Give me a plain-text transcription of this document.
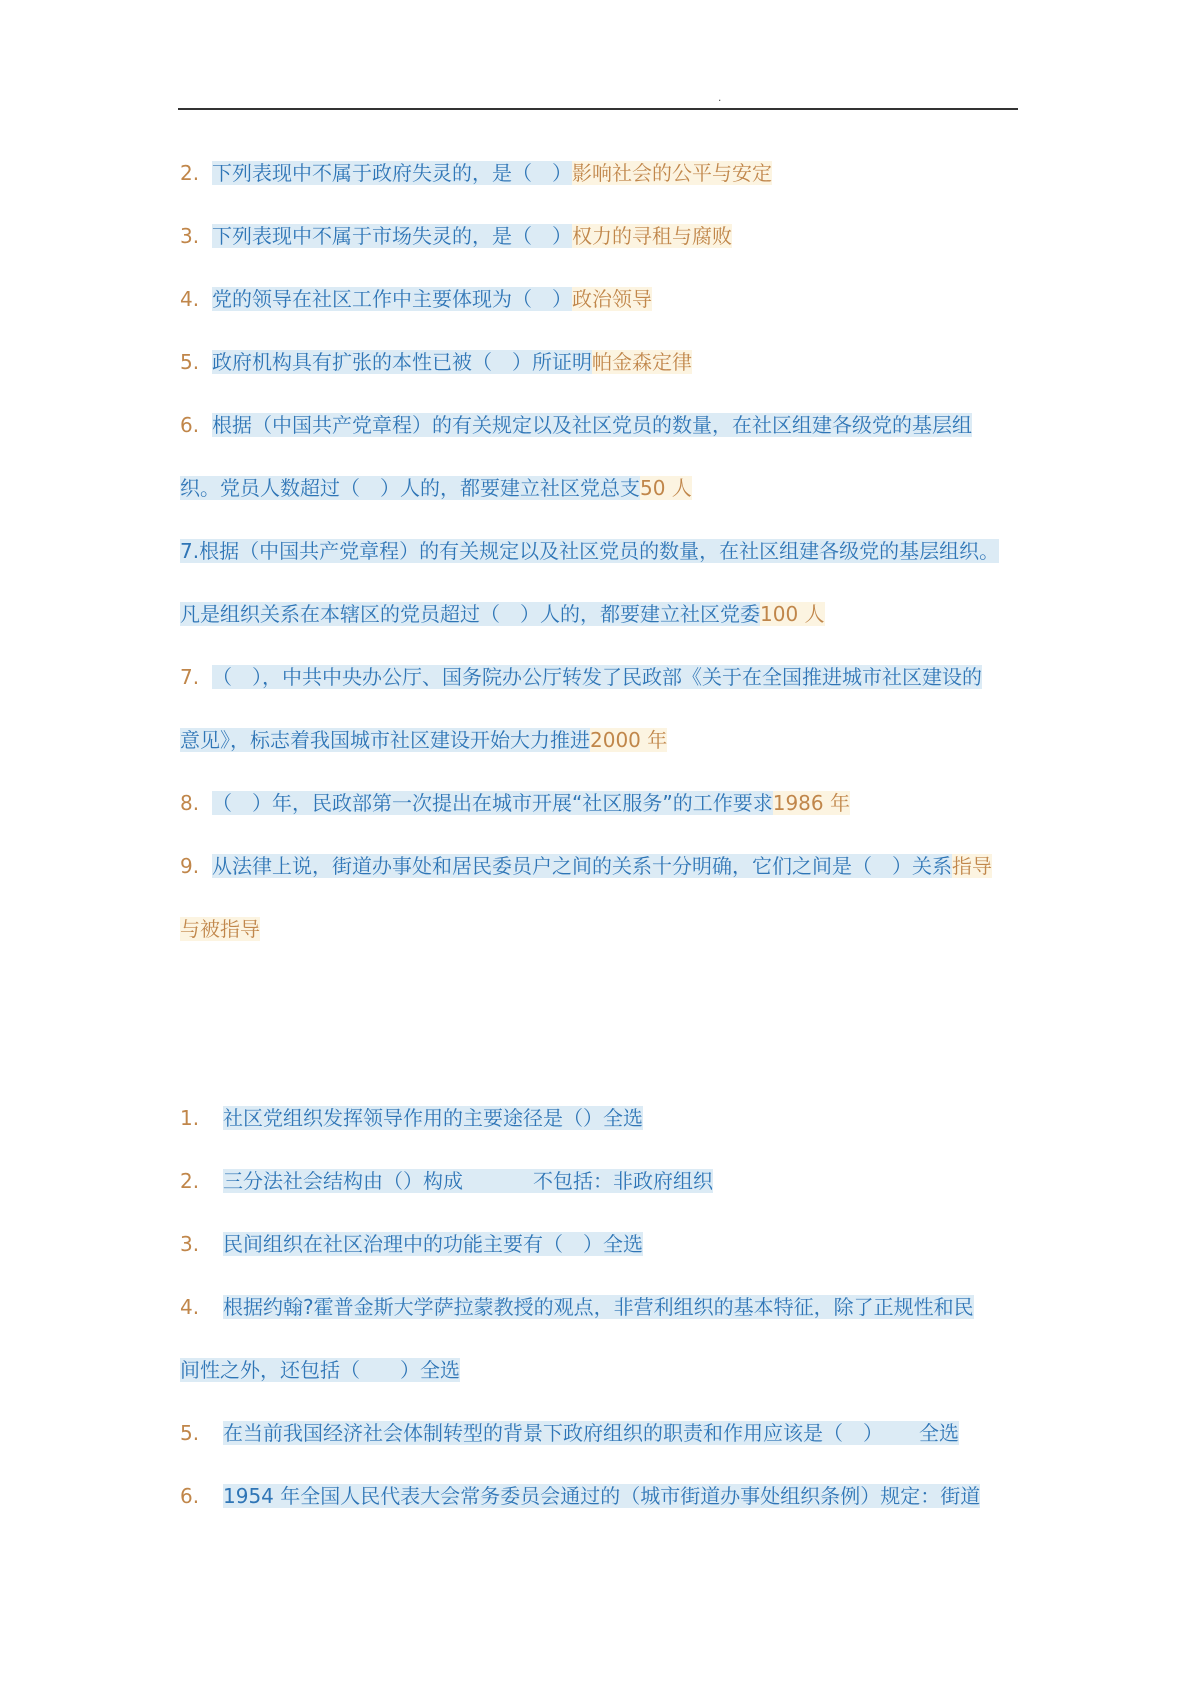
.
2. 下列表现中不属于政府失灵的，是（　）影响社会的公平与安定
3. 下列表现中不属于市场失灵的，是（　）权力的寻租与腐败
4. 党的领导在社区工作中主要体现为（　）政治领导
5. 政府机构具有扩张的本性已被（　）所证明帕金森定律
6. 根据（中国共产党章程）的有关规定以及社区党员的数量，在社区组建各级党的基层组
织。党员人数超过（　）人的，都要建立社区党总支50 人
7.根据（中国共产党章程）的有关规定以及社区党员的数量，在社区组建各级党的基层组织。
凡是组织关系在本辖区的党员超过（　）人的，都要建立社区党委100 人
7. （　），中共中央办公厅、国务院办公厅转发了民政部《关于在全国推进城市社区建设的
意见》，标志着我国城市社区建设开始大力推进2000 年
8. （　）年，民政部第一次提出在城市开展“社区服务”的工作要求1986 年
9. 从法律上说，街道办事处和居民委员户之间的关系十分明确，它们之间是（　）关系指导
与被指导
1. 社区党组织发挥领导作用的主要途径是（）全选
2. 三分法社会结构由（）构成	不包括：非政府组织
3. 民间组织在社区治理中的功能主要有（　）全选
4. 根据约翰?霍普金斯大学萨拉蒙教授的观点，非营利组织的基本特征，除了正规性和民
间性之外，还包括（　　）全选
5. 在当前我国经济社会体制转型的背景下政府组织的职责和作用应该是（　） 全选
6. 1954 年全国人民代表大会常务委员会通过的（城市街道办事处组织条例）规定：街道
